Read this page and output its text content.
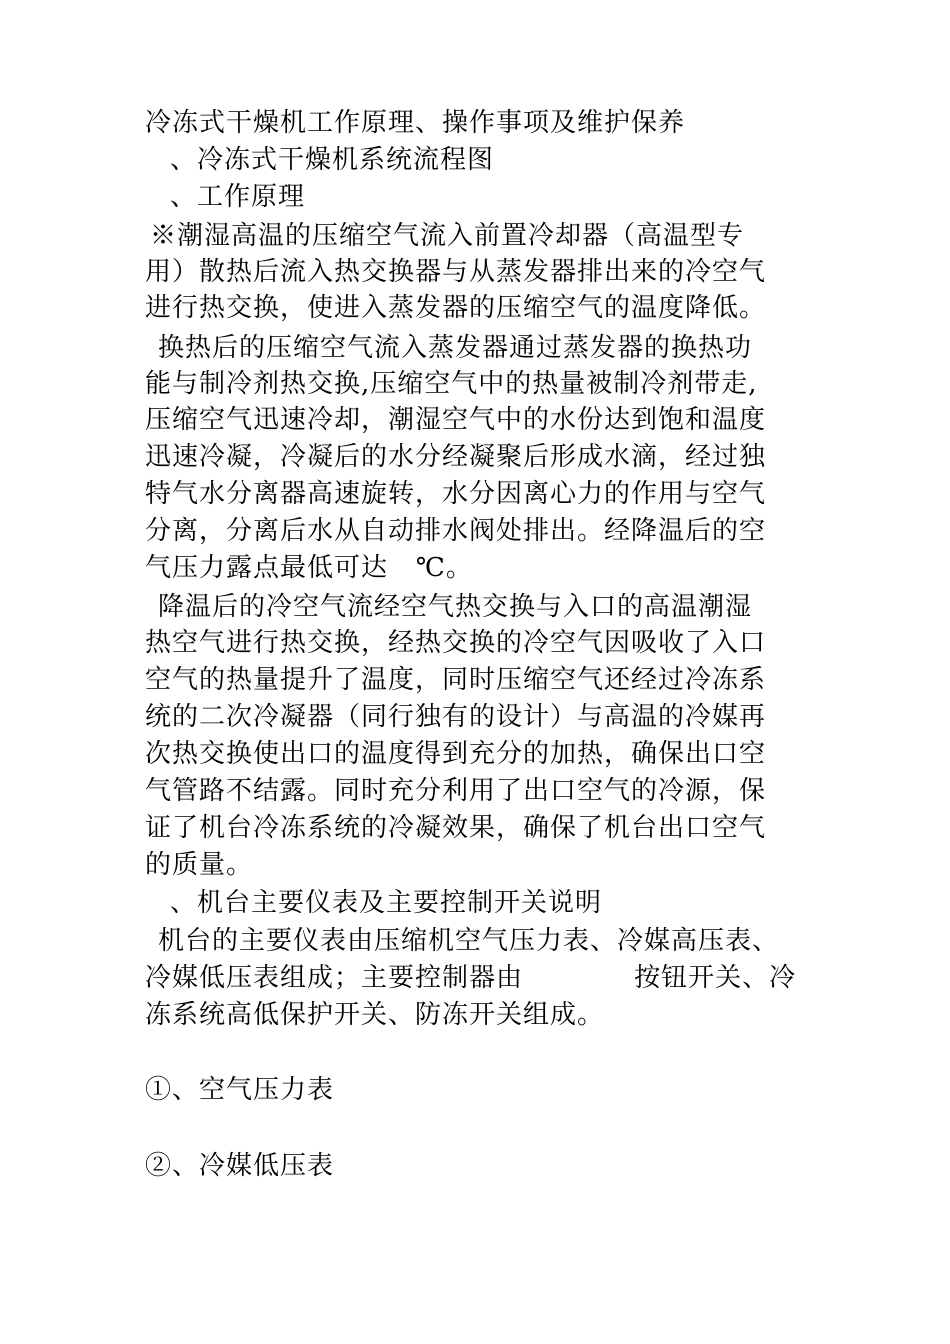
冷冻式干燥机工作原理、操作事项及维护保养
、冷冻式干燥机系统流程图
、工作原理
※潮湿高温的压缩空气流入前置冷却器（高温型专
用）散热后流入热交换器与从蒸发器排出来的冷空气
进行热交换，使进入蒸发器的压缩空气的温度降低。
换热后的压缩空气流入蒸发器通过蒸发器的换热功
能与制冷剂热交换,压缩空气中的热量被制冷剂带走,
压缩空气迅速冷却，潮湿空气中的水份达到饱和温度
迅速冷凝，冷凝后的水分经凝聚后形成水滴，经过独
特气水分离器高速旋转，水分因离心力的作用与空气
分离，分离后水从自动排水阀处排出。经降温后的空
气压力露点最低可达   ℃。
降温后的冷空气流经空气热交换与入口的高温潮湿
热空气进行热交换，经热交换的冷空气因吸收了入口
空气的热量提升了温度，同时压缩空气还经过冷冻系
统的二次冷凝器（同行独有的设计）与高温的冷媒再
次热交换使出口的温度得到充分的加热，确保出口空
气管路不结露。同时充分利用了出口空气的冷源，保
证了机台冷冻系统的冷凝效果，确保了机台出口空气
的质量。
、机台主要仪表及主要控制开关说明
机台的主要仪表由压缩机空气压力表、冷媒高压表、
冷媒低压表组成；主要控制器由            按钮开关、冷
冻系统高低保护开关、防冻开关组成。
①、空气压力表
②、冷媒低压表
